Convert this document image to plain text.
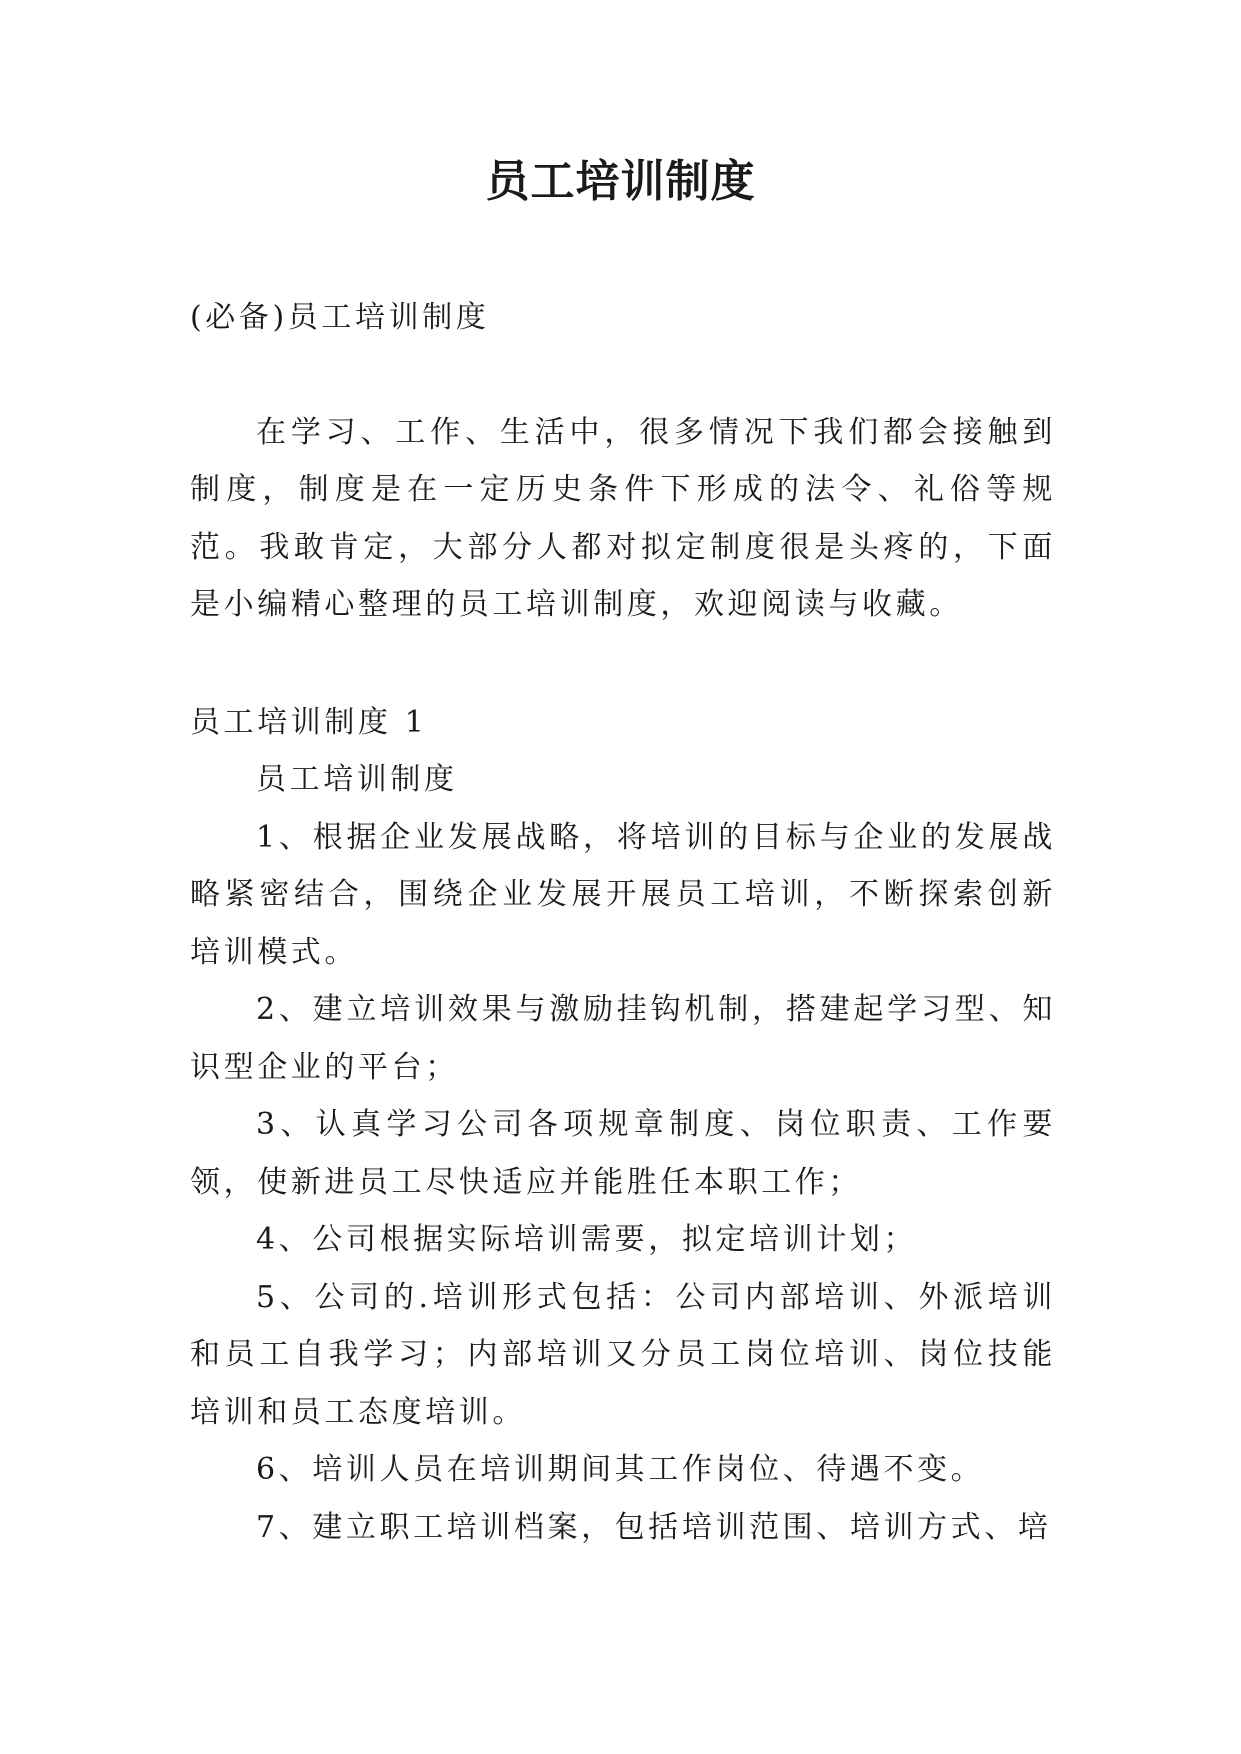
员工培训制度

(必备)员工培训制度

在学习、工作、生活中，很多情况下我们都会接触到制度，制度是在一定历史条件下形成的法令、礼俗等规范。我敢肯定，大部分人都对拟定制度很是头疼的，下面是小编精心整理的员工培训制度，欢迎阅读与收藏。

员工培训制度 1

员工培训制度

1、根据企业发展战略，将培训的目标与企业的发展战略紧密结合，围绕企业发展开展员工培训，不断探索创新培训模式。

2、建立培训效果与激励挂钩机制，搭建起学习型、知识型企业的平台；

3、认真学习公司各项规章制度、岗位职责、工作要领，使新进员工尽快适应并能胜任本职工作；

4、公司根据实际培训需要，拟定培训计划；

5、公司的.培训形式包括：公司内部培训、外派培训和员工自我学习；内部培训又分员工岗位培训、岗位技能培训和员工态度培训。

6、培训人员在培训期间其工作岗位、待遇不变。

7、建立职工培训档案，包括培训范围、培训方式、培
